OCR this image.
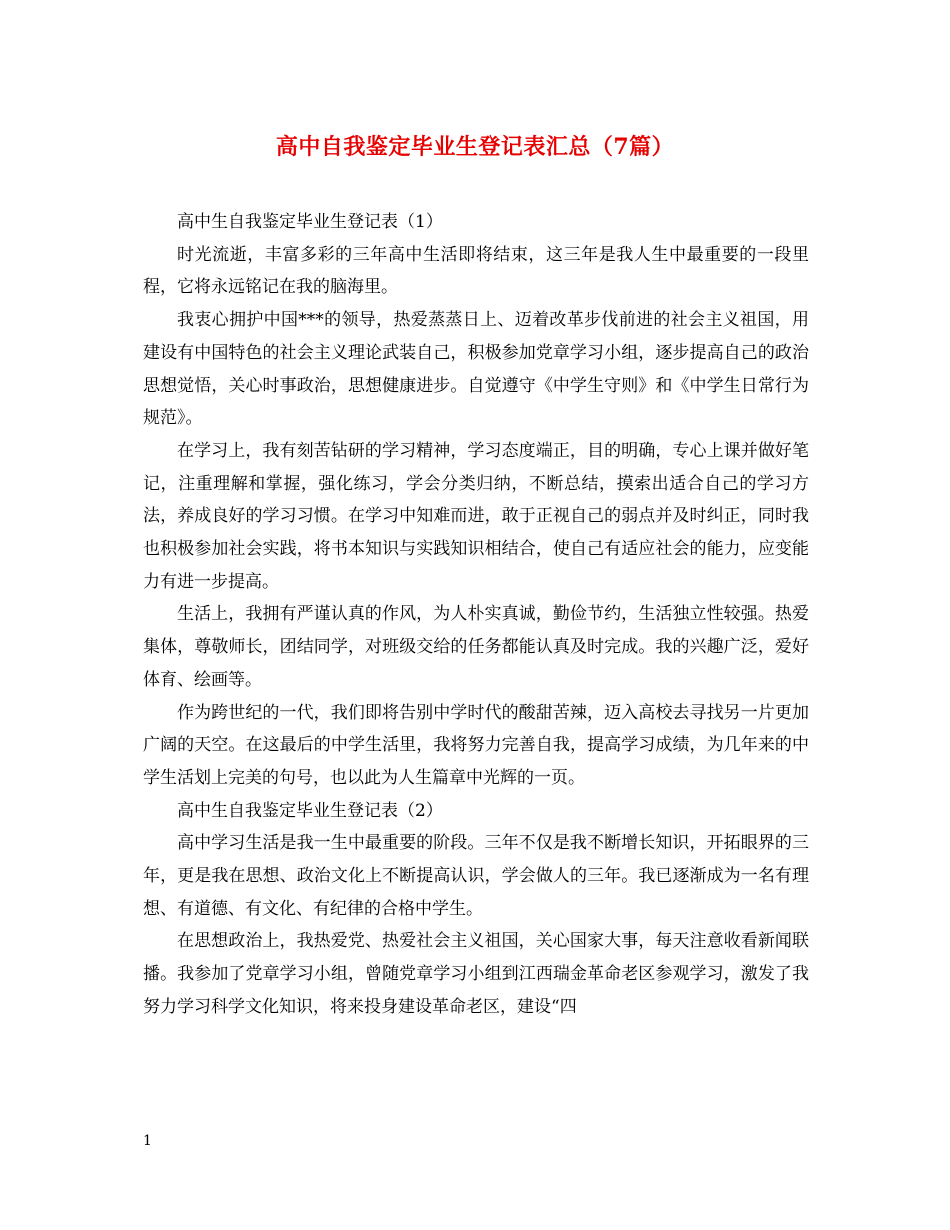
高中自我鉴定毕业生登记表汇总（7篇）

高中生自我鉴定毕业生登记表（1）

时光流逝，丰富多彩的三年高中生活即将结束，这三年是我人生中最重要的一段里程，它将永远铭记在我的脑海里。

我衷心拥护中国***的领导，热爱蒸蒸日上、迈着改革步伐前进的社会主义祖国，用建设有中国特色的社会主义理论武装自己，积极参加党章学习小组，逐步提高自己的政治思想觉悟，关心时事政治，思想健康进步。自觉遵守《中学生守则》和《中学生日常行为规范》。

在学习上，我有刻苦钻研的学习精神，学习态度端正，目的明确，专心上课并做好笔记，注重理解和掌握，强化练习，学会分类归纳，不断总结，摸索出适合自己的学习方法，养成良好的学习习惯。在学习中知难而进，敢于正视自己的弱点并及时纠正，同时我也积极参加社会实践，将书本知识与实践知识相结合，使自己有适应社会的能力，应变能力有进一步提高。

生活上，我拥有严谨认真的作风，为人朴实真诚，勤俭节约，生活独立性较强。热爱集体，尊敬师长，团结同学，对班级交给的任务都能认真及时完成。我的兴趣广泛，爱好体育、绘画等。

作为跨世纪的一代，我们即将告别中学时代的酸甜苦辣，迈入高校去寻找另一片更加广阔的天空。在这最后的中学生活里，我将努力完善自我，提高学习成绩，为几年来的中学生活划上完美的句号，也以此为人生篇章中光辉的一页。

高中生自我鉴定毕业生登记表（2）

高中学习生活是我一生中最重要的阶段。三年不仅是我不断增长知识，开拓眼界的三年，更是我在思想、政治文化上不断提高认识，学会做人的三年。我已逐渐成为一名有理想、有道德、有文化、有纪律的合格中学生。

在思想政治上，我热爱党、热爱社会主义祖国，关心国家大事，每天注意收看新闻联播。我参加了党章学习小组，曾随党章学习小组到江西瑞金革命老区参观学习，激发了我努力学习科学文化知识，将来投身建设革命老区，建设“四

1
